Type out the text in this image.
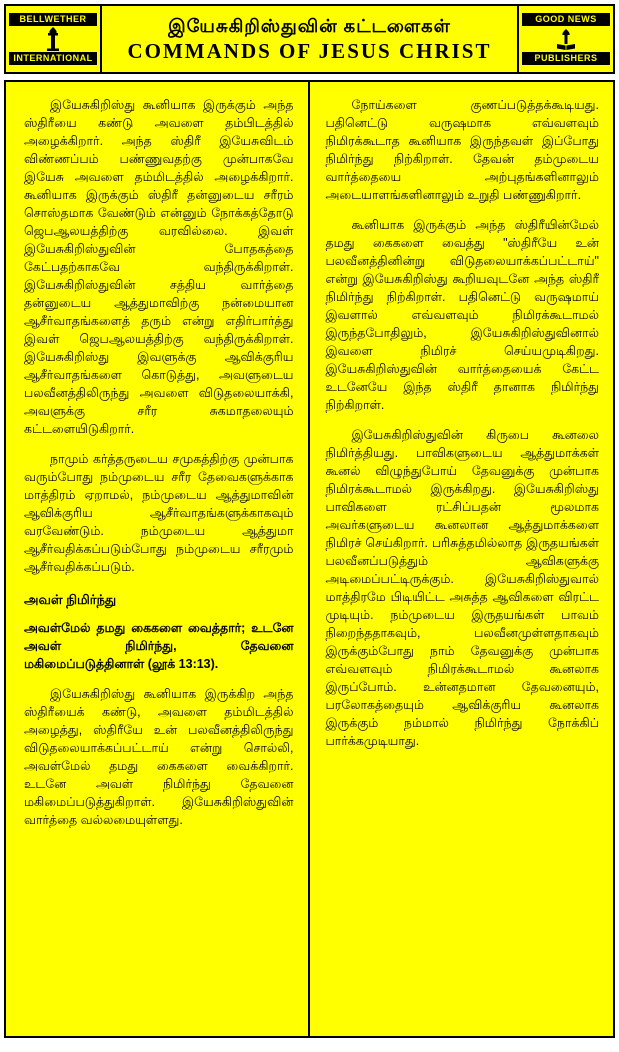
BELLWETHER
INTERNATIONAL
இயேசுகிறிஸ்துவின் கட்டளைகள்
COMMANDS OF JESUS CHRIST
GOOD NEWS
PUBLISHERS

இயேசுகிறிஸ்து கூனியாக இருக்கும் அந்த ஸ்திரீயை கண்டு அவளை தம்பிடத்தில் அழைக்கிறார். அந்த ஸ்திரீ இயேசுவிடம் விண்ணப்பம் பண்ணுவதற்கு முன்பாகவே இயேசு அவளை தம்மிடத்தில் அழைக்கிறார். கூனியாக இருக்கும் ஸ்திரீ தன்னுடைய சரீரம் சொஸ்தமாக வேண்டும் என்னும் நோக்கத்தோடு ஜெபஆலயத்திற்கு வரவில்லை. இவள் இயேசுகிறிஸ்துவின் போதகத்தை கேட்பதற்காகவே வந்திருக்கிறாள். இயேசுகிறிஸ்துவின் சத்திய வார்த்தை தன்னுடைய ஆத்துமாவிற்கு நன்மையான ஆசீர்வாதங்களைத் தரும் என்று எதிர்பார்த்து இவள் ஜெபஆலயத்திற்கு வந்திருக்கிறாள். இயேசுகிறிஸ்து இவளுக்கு ஆவிக்குரிய ஆசீர்வாதங்களை கொடுத்து, அவளுடைய பலவீனத்திலிருந்து அவளை விடுதலையாக்கி, அவளுக்கு சரீர சுகமாதலையும் கட்டளையிடுகிறார்.

நாமும் கர்த்தருடைய சமுகத்திற்கு முன்பாக வரும்போது நம்முடைய சரீர தேவைகளுக்காக மாத்திரம் ஏறாமல், நம்முடைய ஆத்துமாவின் ஆவிக்குரிய ஆசீர்வாதங்களுக்காகவும் வரவேண்டும். நம்முடைய ஆத்துமா ஆசீர்வதிக்கப்படும்போது நம்முடைய சரீரமும் ஆசீர்வதிக்கப்படும்.

அவள் நிமிர்ந்து

அவள்மேல் தமது கைகளை வைத்தார்; உடனே அவள் நிமிர்ந்து, தேவனை மகிமைப்படுத்தினாள் (லூக் 13:13).

இயேசுகிறிஸ்து கூனியாக இருக்கிற அந்த ஸ்திரீயைக் கண்டு, அவளை தம்மிடத்தில் அழைத்து, ஸ்திரீயே உன் பலவீனத்திலிருந்து விடுதலையாக்கப்பட்டாய் என்று சொல்லி, அவள்மேல் தமது கைகளை வைக்கிறார். உடனே அவள் நிமிர்ந்து தேவனை மகிமைப்படுத்துகிறாள். இயேசுகிறிஸ்துவின் வார்த்தை வல்லமையுள்ளது.

நோய்களை குணப்படுத்தக்கூடியது. பதினெட்டு வருஷமாக எவ்வளவும் நிமிரக்கூடாத கூனியாக இருந்தவள் இப்போது நிமிர்ந்து நிற்கிறாள். தேவன் தம்முடைய வார்த்தையை அற்புதங்களினாலும் அடையாளங்களினாலும் உறுதி பண்ணுகிறார்.

கூனியாக இருக்கும் அந்த ஸ்திரீயின்மேல் தமது கைகளை வைத்து "ஸ்திரீயே உன் பலவீனத்தினின்று விடுதலையாக்கப்பட்டாய்" என்று இயேசுகிறிஸ்து கூறியவுடனே அந்த ஸ்திரீ நிமிர்ந்து நிற்கிறாள். பதினெட்டு வருஷமாய் இவளால் எவ்வளவும் நிமிரக்கூடாமல் இருந்தபோதிலும், இயேசுகிறிஸ்துவினால் இவளை நிமிரச் செய்யமுடிகிறது. இயேசுகிறிஸ்துவின் வார்த்தையைக் கேட்ட உடனேயே இந்த ஸ்திரீ தானாக நிமிர்ந்து நிற்கிறாள்.

இயேசுகிறிஸ்துவின் கிருபை கூனலை நிமிர்த்தியது. பாவிகளுடைய ஆத்துமாக்கள் கூனல் விழுந்துபோய் தேவனுக்கு முன்பாக நிமிரக்கூடாமல் இருக்கிறது. இயேசுகிறிஸ்து பாவிகளை ரட்சிப்பதன் மூலமாக அவர்களுடைய கூனலான ஆத்துமாக்களை நிமிரச் செய்கிறார். பரிசுத்தமில்லாத இருதயங்கள் பலவீனப்படுத்தும் ஆவிகளுக்கு அடிமைப்பட்டிருக்கும். இயேசுகிறிஸ்துவால் மாத்திரமே பிடியிட்ட அசுத்த ஆவிகளை விரட்ட முடியும். நம்முடைய இருதயங்கள் பாவம் நிறைந்ததாகவும், பலவீனமுள்ளதாகவும் இருக்கும்போது நாம் தேவனுக்கு முன்பாக எவ்வளவும் நிமிரக்கூடாமல் கூனலாக இருப்போம். உன்னதமான தேவனையும், பரலோகத்தையும் ஆவிக்குரிய கூனலாக இருக்கும் நம்மால் நிமிர்ந்து நோக்கிப் பார்க்கமுடியாது.
